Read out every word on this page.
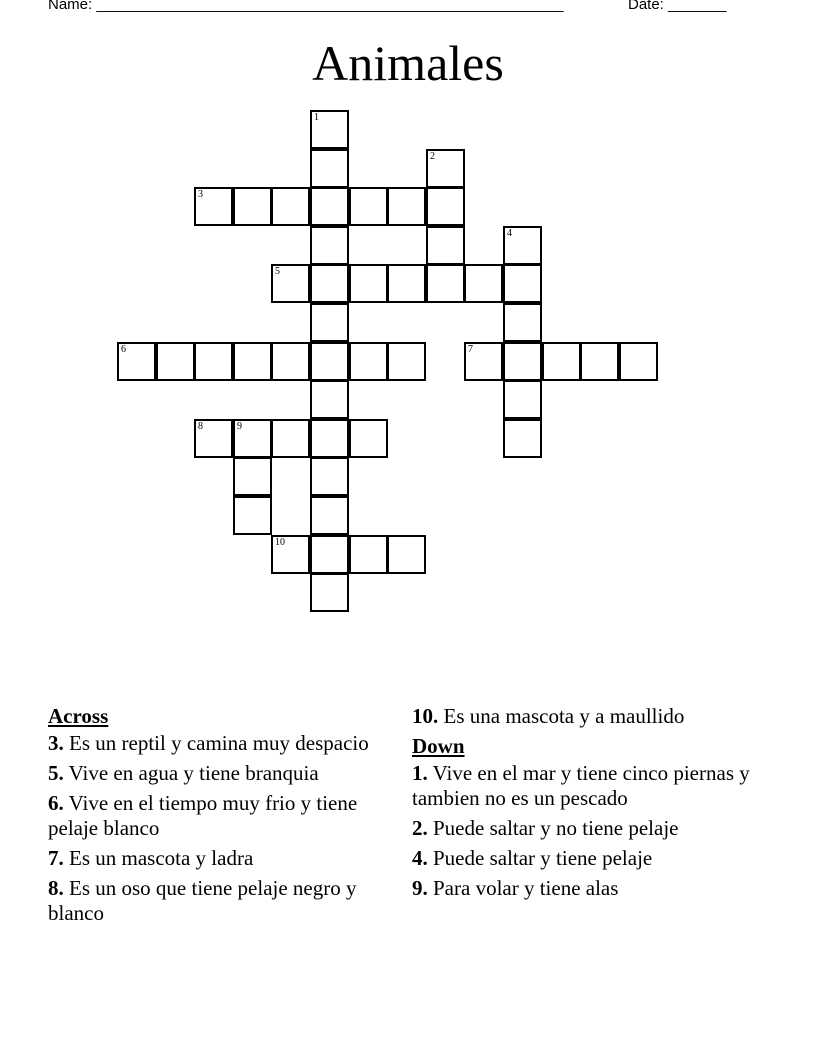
Name: ________________________________________________________	Date: _______
Animales
1
2
3
4
5
6	7
8	9
10
Across
3. Es un reptil y camina muy despacio
5. Vive en agua y tiene branquia
6. Vive en el tiempo muy frio y tiene pelaje blanco
7. Es un mascota y ladra
8. Es un oso que tiene pelaje negro y blanco
10. Es una mascota y a maullido
Down
1. Vive en el mar y tiene cinco piernas y tambien no es un pescado
2. Puede saltar y no tiene pelaje
4. Puede saltar y tiene pelaje
9. Para volar y tiene alas
